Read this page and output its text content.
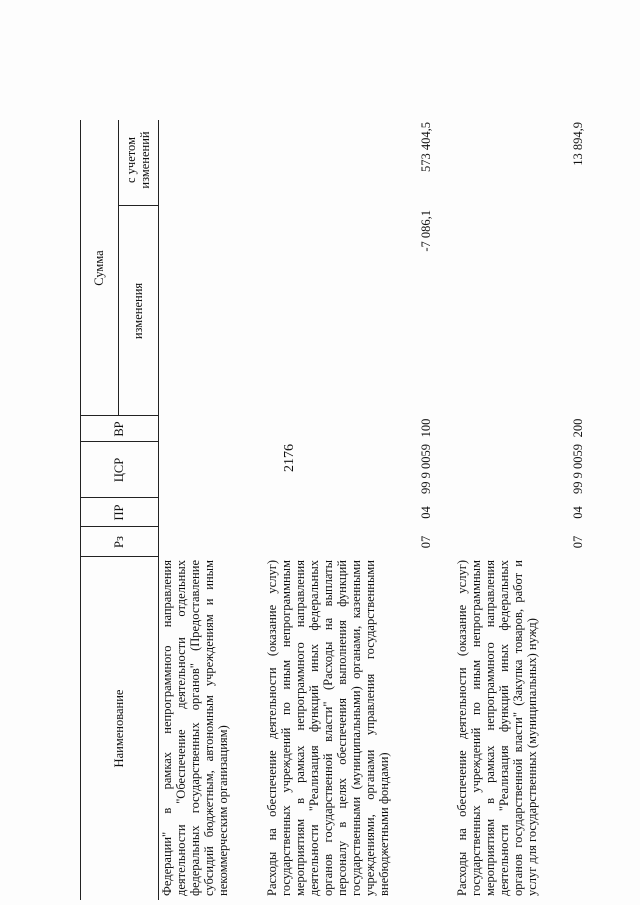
2176
Наименование
Рз
ПР
ЦСР
ВР
Сумма
изменения
с учетом изменений
Федерации" в рамках непрограммного направления деятельности "Обеспечение деятельности отдельных федеральных государственных органов" (Предоставление субсидий бюджетным, автономным учреждениям и иным некоммерческим организациям)	Расходы на обеспечение деятельности (оказание услуг) государственных учреждений по иным непрограммным мероприятиям в рамках непрограммного направления деятельности "Реализация функций иных федеральных органов государственной власти" (Расходы на выплаты персоналу в целях обеспечения выполнения функций государственными (муниципальными) органами, казенными учреждениями, органами управления государственными внебюджетными фондами)
07
04
99 9 0059
100
-7 086,1
573 404,5
Расходы на обеспечение деятельности (оказание услуг) государственных учреждений по иным непрограммным мероприятиям в рамках непрограммного направления деятельности "Реализация функций иных федеральных органов государственной власти" (Закупка товаров, работ и услуг для государственных (муниципальных) нужд)
07
04
99 9 0059
200
13 894,9
